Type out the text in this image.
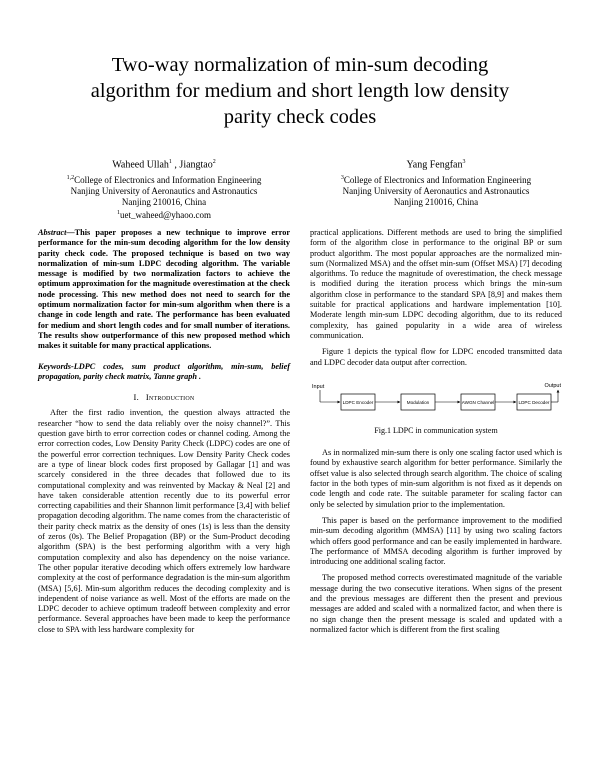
Two-way normalization of min-sum decoding
algorithm for medium and short length low density
parity check codes
Waheed Ullah$^1$ , Jiangtao$^2$
$^{1,2}$College of Electronics and Information Engineering
Nanjing University of Aeronautics and Astronautics
Nanjing 210016, China
$^1$uet_waheed@yhaoo.com
Yang Fengfan$^3$
$^3$College of Electronics and Information Engineering
Nanjing University of Aeronautics and Astronautics
Nanjing 210016, China

Abstract—This paper proposes a new technique to improve error performance for the min-sum decoding algorithm for the low density parity check code. The proposed technique is based on two way normalization of min-sum LDPC decoding algorithm. The variable message is modified by two normalization factors to achieve the optimum approximation for the magnitude overestimation at the check node processing. This new method does not need to search for the optimum normalization factor for min-sum algorithm when there is a change in code length and rate. The performance has been evaluated for medium and short length codes and for small number of iterations. The results show outperformance of this new proposed method which makes it suitable for many practical applications.

Keywords-LDPC codes, sum product algorithm, min-sum, belief propagation, parity check matrix, Tanne graph .

I. Introduction

After the first radio invention, the question always attracted the researcher “how to send the data reliably over the noisy channel?”. This question gave birth to error correction codes or channel coding. Among the error correction codes, Low Density Parity Check (LDPC) codes are one of the powerful error correction techniques. Low Density Parity Check codes are a type of linear block codes first proposed by Gallagar [1] and was scarcely considered in the three decades that followed due to its computational complexity and was reinvented by Mackay & Neal [2] and have taken considerable attention recently due to its powerful error correcting capabilities and their Shannon limit performance [3,4] with belief propagation decoding algorithm. The name comes from the characteristic of their parity check matrix as the density of ones (1s) is less than the density of zeros (0s). The Belief Propagation (BP) or the Sum-Product decoding algorithm (SPA) is the best performing algorithm with a very high computation complexity and also has dependency on the noise variance. The other popular iterative decoding which offers extremely low hardware complexity at the cost of performance degradation is the min-sum algorithm (MSA) [5,6]. Min-sum algorithm reduces the decoding complexity and is independent of noise variance as well. Most of the efforts are made on the LDPC decoder to achieve optimum tradeoff between complexity and error performance. Several approaches have been made to keep the performance close to SPA with less hardware complexity for

practical applications. Different methods are used to bring the simplified form of the algorithm close in performance to the original BP or sum product algorithm. The most popular approaches are the normalized min-sum (Normalized MSA) and the offset min-sum (Offset MSA) [7] decoding algorithms. To reduce the magnitude of overestimation, the check message is modified during the iteration process which brings the min-sum algorithm close in performance to the standard SPA [8,9] and makes them suitable for practical applications and hardware implementation [10]. Moderate length min-sum LDPC decoding algorithm, due to its reduced complexity, has gained popularity in a wide area of wireless communication.

Figure 1 depicts the typical flow for LDPC encoded transmitted data and LDPC decoder data output after correction.

Input
LDPC Encoder	Modulation	AWGN Channel	LDPC Decoder
Output
Fig.1 LDPC in communication system

As in normalized min-sum there is only one scaling factor used which is found by exhaustive search algorithm for better performance. Similarly the offset value is also selected through search algorithm. The choice of scaling factor in the both types of min-sum algorithm is not fixed as it depends on code length and code rate. The suitable parameter for scaling factor can only be selected by simulation prior to the implementation.

This paper is based on the performance improvement to the modified min-sum decoding algorithm (MMSA) [11] by using two scaling factors which offers good performance and can be easily implemented in hardware. The performance of MMSA decoding algorithm is further improved by introducing one additional scaling factor.

The proposed method corrects overestimated magnitude of the variable message during the two consecutive iterations. When signs of the present and the previous messages are different then the present and previous messages are added and scaled with a normalized factor, and when there is no sign change then the present message is scaled and updated with a normalized factor which is different from the first scaling
